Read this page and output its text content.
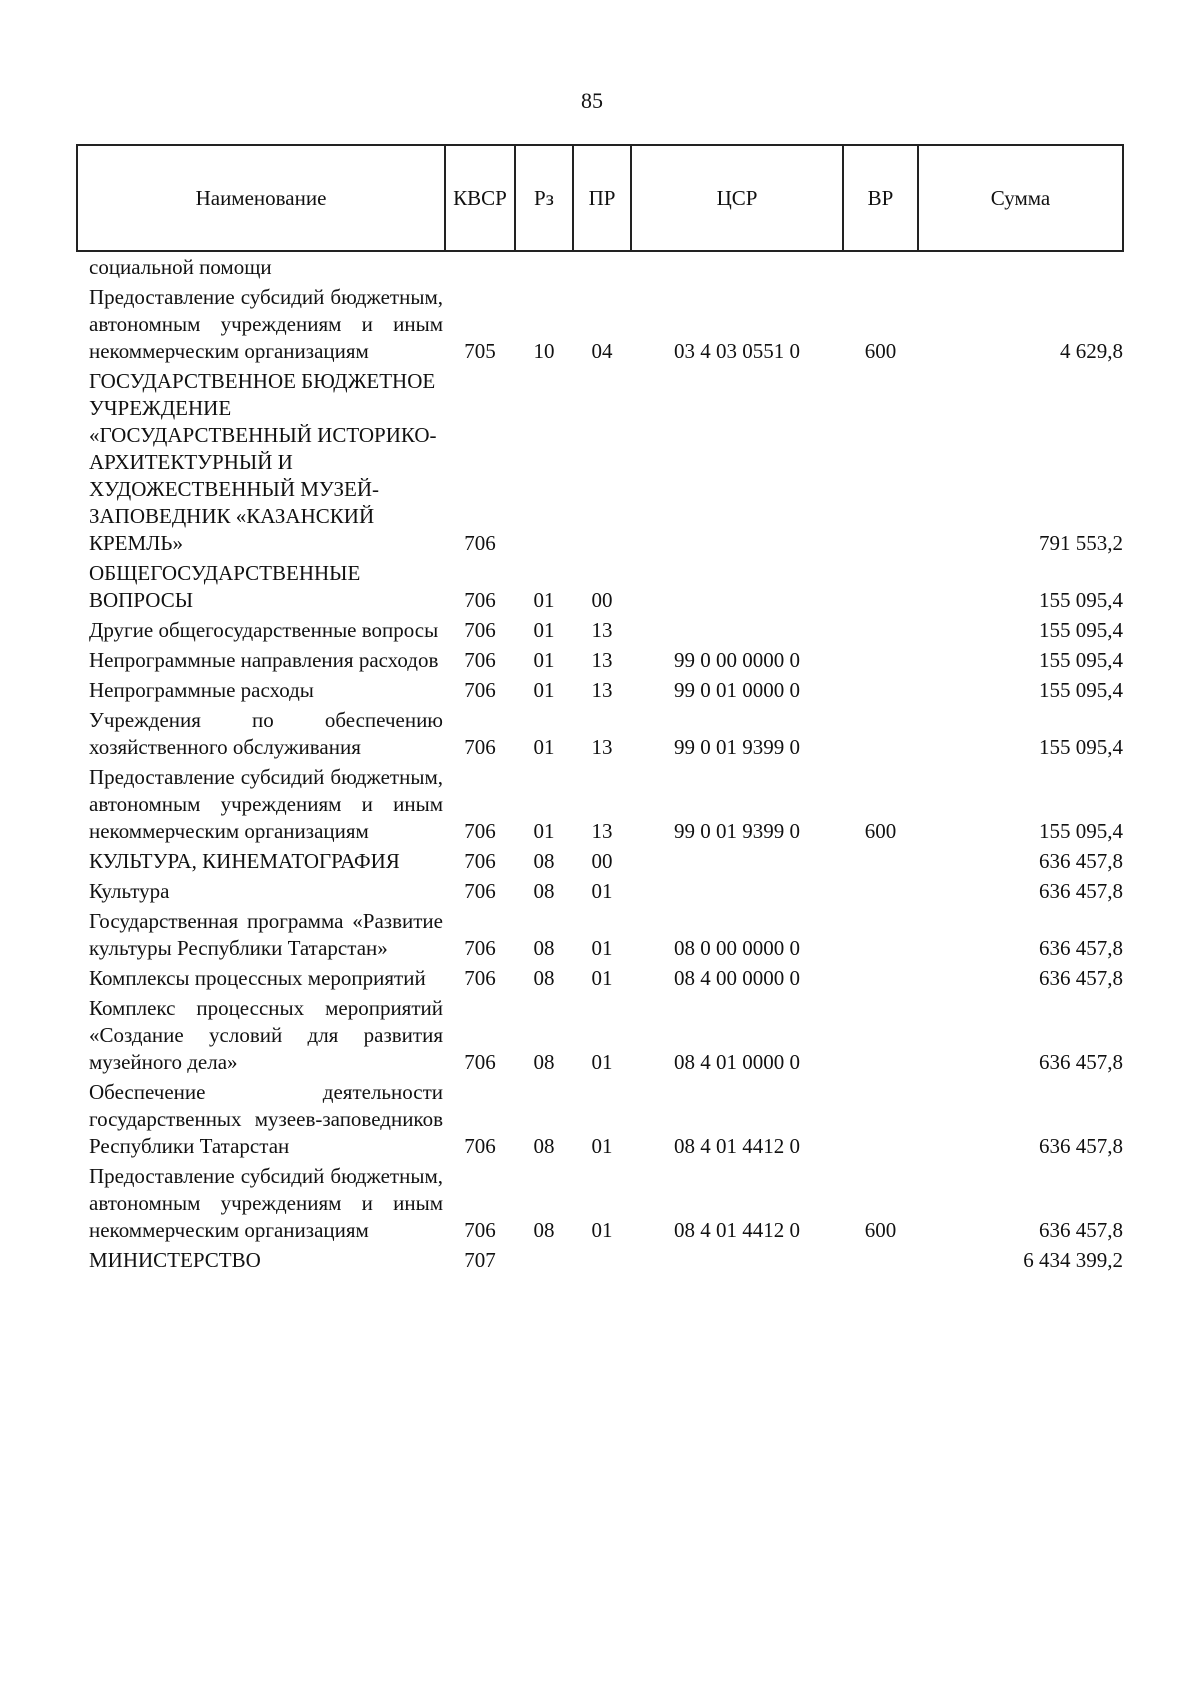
85
Наименование	КВСР	Рз	ПР	ЦСР	ВР	Сумма
социальной помощи						
Предоставление субсидий бюджетным, автономным учреждениям и иным некоммерческим организациям	705	10	04	03 4 03 0551 0	600	4 629,8
ГОСУДАРСТВЕННОЕ БЮДЖЕТНОЕ УЧРЕЖДЕНИЕ «ГОСУДАРСТВЕННЫЙ ИСТОРИКО-АРХИТЕКТУРНЫЙ И ХУДОЖЕСТВЕННЫЙ МУЗЕЙ-ЗАПОВЕДНИК «КАЗАНСКИЙ КРЕМЛЬ»	706					791 553,2
ОБЩЕГОСУДАРСТВЕННЫЕ ВОПРОСЫ	706	01	00			155 095,4
Другие общегосударственные вопросы	706	01	13			155 095,4
Непрограммные направления расходов	706	01	13	99 0 00 0000 0		155 095,4
Непрограммные расходы	706	01	13	99 0 01 0000 0		155 095,4
Учреждения по обеспечению хозяйственного обслуживания	706	01	13	99 0 01 9399 0		155 095,4
Предоставление субсидий бюджетным, автономным учреждениям и иным некоммерческим организациям	706	01	13	99 0 01 9399 0	600	155 095,4
КУЛЬТУРА, КИНЕМАТОГРАФИЯ	706	08	00			636 457,8
Культура	706	08	01			636 457,8
Государственная программа «Развитие культуры Республики Татарстан»	706	08	01	08 0 00 0000 0		636 457,8
Комплексы процессных мероприятий	706	08	01	08 4 00 0000 0		636 457,8
Комплекс процессных мероприятий «Создание условий для развития музейного дела»	706	08	01	08 4 01 0000 0		636 457,8
Обеспечение деятельности государственных музеев-заповедников Республики Татарстан	706	08	01	08 4 01 4412 0		636 457,8
Предоставление субсидий бюджетным, автономным учреждениям и иным некоммерческим организациям	706	08	01	08 4 01 4412 0	600	636 457,8
МИНИСТЕРСТВО	707					6 434 399,2
